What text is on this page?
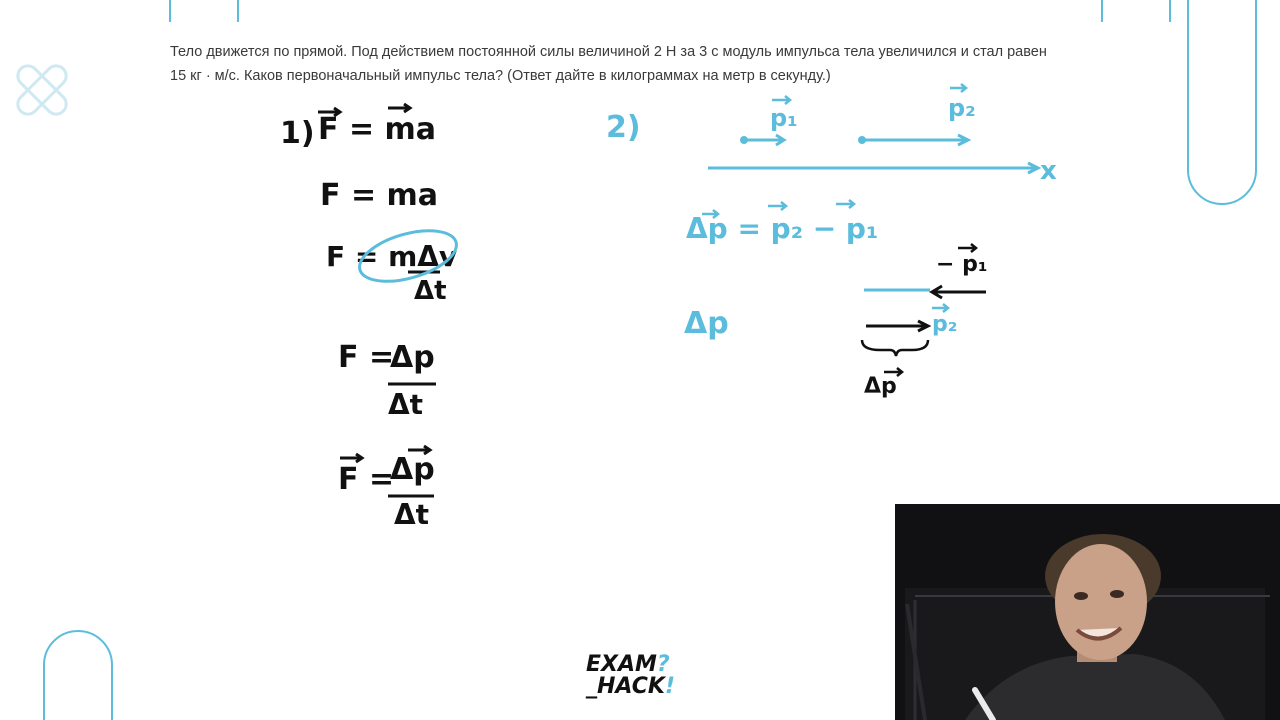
Тело движется по прямой. Под действием постоянной силы величиной 2 Н за 3 с модуль импульса тела увеличился и стал равен

15 кг · м/с. Каков первоначальный импульс тела? (Ответ дайте в килограммах на метр в секунду.)

1) F = ma
F = ma
F = mΔv
Δt
F =
Δp
Δt
F =
Δp
Δt
2)	p₁	p₂
x
Δp = p₂ − p₁
Δp
− p₁
p₂
Δp
EXAM?
_HACK!
